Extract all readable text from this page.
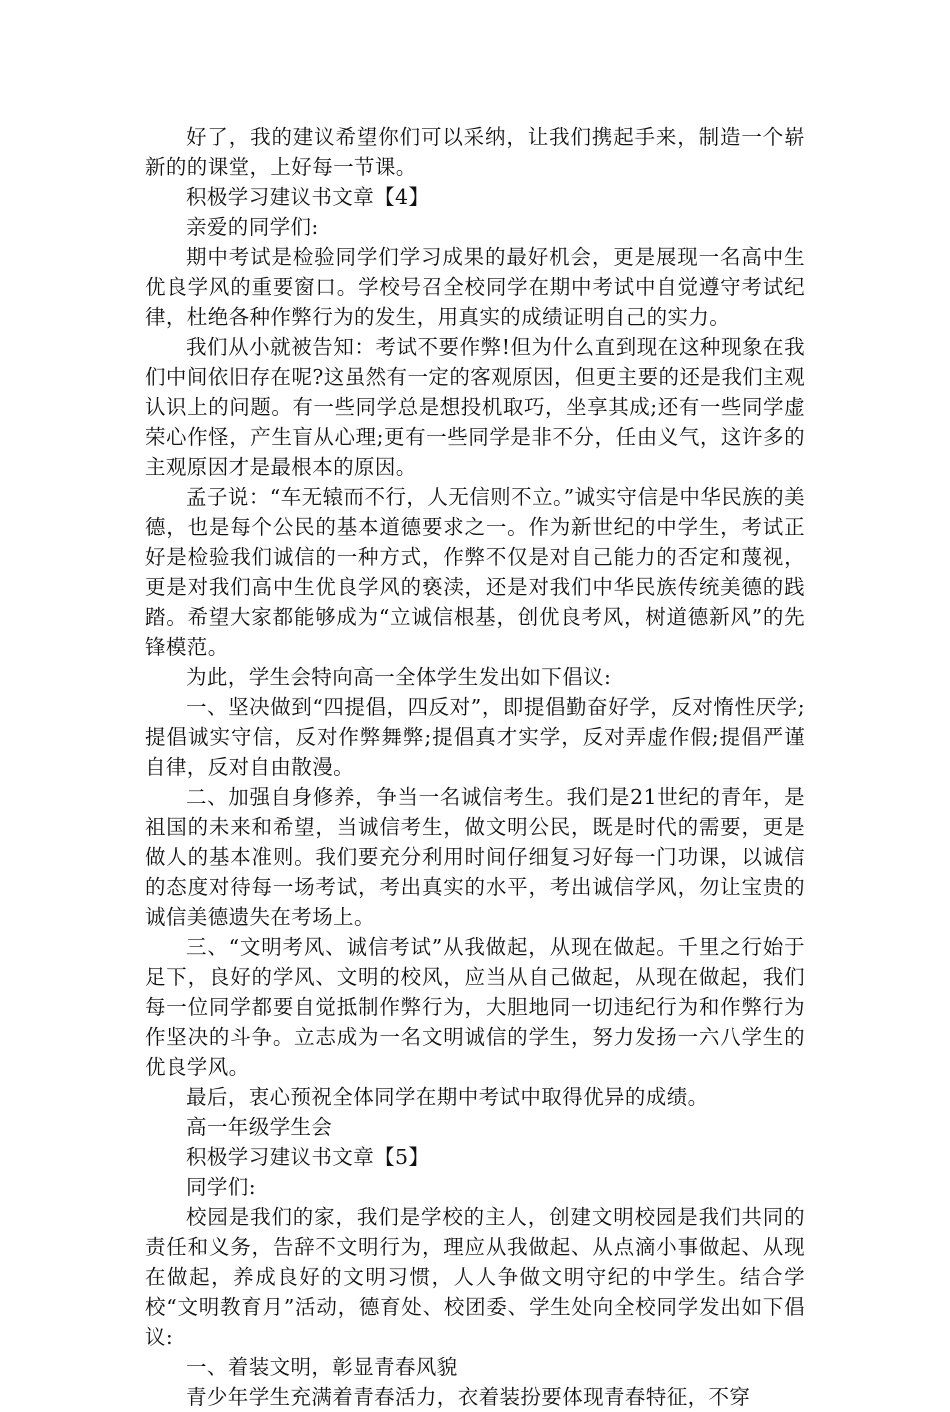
好了，我的建议希望你们可以采纳，让我们携起手来，制造一个崭新的的课堂，上好每一节课。

积极学习建议书文章【4】

亲爱的同学们:

期中考试是检验同学们学习成果的最好机会，更是展现一名高中生优良学风的重要窗口。学校号召全校同学在期中考试中自觉遵守考试纪律，杜绝各种作弊行为的发生，用真实的成绩证明自己的实力。

我们从小就被告知：考试不要作弊!但为什么直到现在这种现象在我们中间依旧存在呢?这虽然有一定的客观原因，但更主要的还是我们主观认识上的问题。有一些同学总是想投机取巧，坐享其成;还有一些同学虚荣心作怪，产生盲从心理;更有一些同学是非不分，任由义气，这许多的主观原因才是最根本的原因。

孟子说：“车无辕而不行，人无信则不立。”诚实守信是中华民族的美德，也是每个公民的基本道德要求之一。作为新世纪的中学生，考试正好是检验我们诚信的一种方式，作弊不仅是对自己能力的否定和蔑视，更是对我们高中生优良学风的亵渎，还是对我们中华民族传统美德的践踏。希望大家都能够成为“立诚信根基，创优良考风，树道德新风”的先锋模范。

为此，学生会特向高一全体学生发出如下倡议:

一、坚决做到“四提倡，四反对”，即提倡勤奋好学，反对惰性厌学;提倡诚实守信，反对作弊舞弊;提倡真才实学，反对弄虚作假;提倡严谨自律，反对自由散漫。

二、加强自身修养，争当一名诚信考生。我们是21世纪的青年，是祖国的未来和希望，当诚信考生，做文明公民，既是时代的需要，更是做人的基本准则。我们要充分利用时间仔细复习好每一门功课，以诚信的态度对待每一场考试，考出真实的水平，考出诚信学风，勿让宝贵的诚信美德遗失在考场上。

三、“文明考风、诚信考试”从我做起，从现在做起。千里之行始于足下，良好的学风、文明的校风，应当从自己做起，从现在做起，我们每一位同学都要自觉抵制作弊行为，大胆地同一切违纪行为和作弊行为作坚决的斗争。立志成为一名文明诚信的学生，努力发扬一六八学生的优良学风。

最后，衷心预祝全体同学在期中考试中取得优异的成绩。

高一年级学生会

积极学习建议书文章【5】

同学们:

校园是我们的家，我们是学校的主人，创建文明校园是我们共同的责任和义务，告辞不文明行为，理应从我做起、从点滴小事做起、从现在做起，养成良好的文明习惯，人人争做文明守纪的中学生。结合学校“文明教育月”活动，德育处、校团委、学生处向全校同学发出如下倡议:

一、着装文明，彰显青春风貌

青少年学生充满着青春活力，衣着装扮要体现青春特征，不穿
